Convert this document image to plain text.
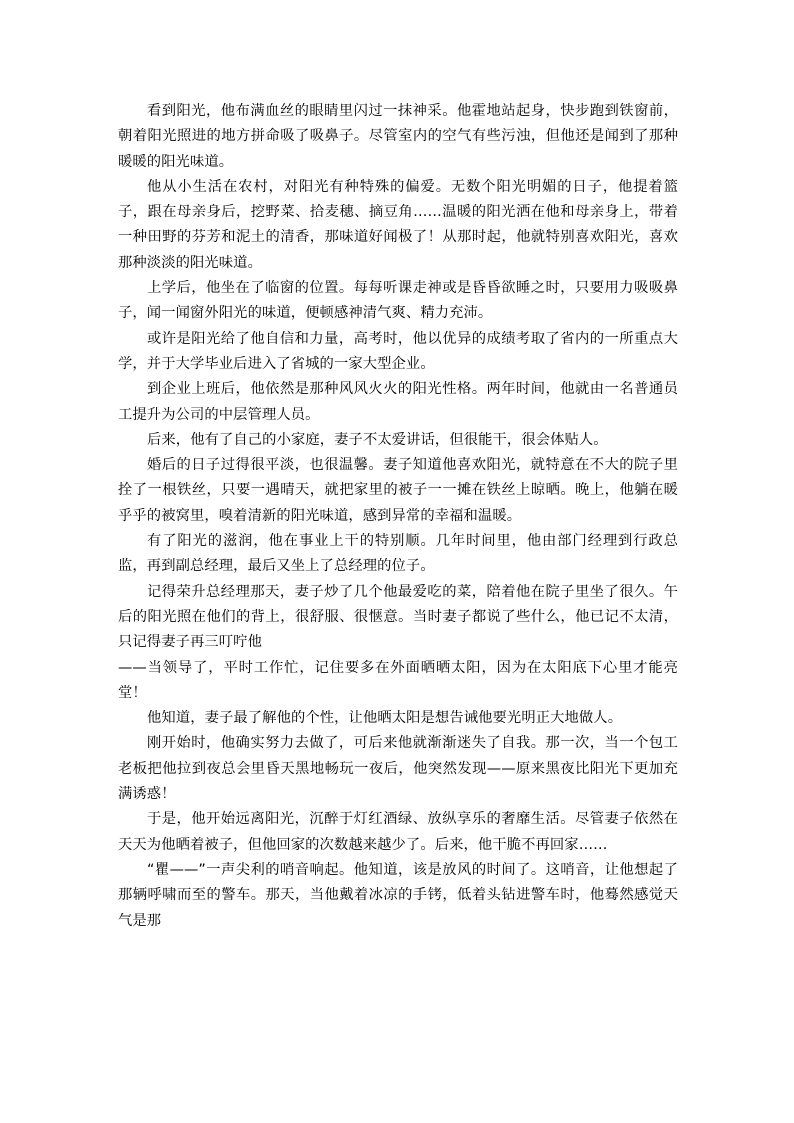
看到阳光，他布满血丝的眼睛里闪过一抹神采。他霍地站起身，快步跑到铁窗前，朝着阳光照进的地方拼命吸了吸鼻子。尽管室内的空气有些污浊，但他还是闻到了那种暖暖的阳光味道。

他从小生活在农村，对阳光有种特殊的偏爱。无数个阳光明媚的日子，他提着篮子，跟在母亲身后，挖野菜、拾麦穗、摘豆角……温暖的阳光洒在他和母亲身上，带着一种田野的芬芳和泥土的清香，那味道好闻极了！从那时起，他就特别喜欢阳光，喜欢那种淡淡的阳光味道。

上学后，他坐在了临窗的位置。每每听课走神或是昏昏欲睡之时，只要用力吸吸鼻子，闻一闻窗外阳光的味道，便顿感神清气爽、精力充沛。

或许是阳光给了他自信和力量，高考时，他以优异的成绩考取了省内的一所重点大学，并于大学毕业后进入了省城的一家大型企业。

到企业上班后，他依然是那种风风火火的阳光性格。两年时间，他就由一名普通员工提升为公司的中层管理人员。

后来，他有了自己的小家庭，妻子不太爱讲话，但很能干，很会体贴人。

婚后的日子过得很平淡，也很温馨。妻子知道他喜欢阳光，就特意在不大的院子里拴了一根铁丝，只要一遇晴天，就把家里的被子一一摊在铁丝上晾晒。晚上，他躺在暖乎乎的被窝里，嗅着清新的阳光味道，感到异常的幸福和温暖。

有了阳光的滋润，他在事业上干的特别顺。几年时间里，他由部门经理到行政总监，再到副总经理，最后又坐上了总经理的位子。

记得荣升总经理那天，妻子炒了几个他最爱吃的菜，陪着他在院子里坐了很久。午后的阳光照在他们的背上，很舒服、很惬意。当时妻子都说了些什么，他已记不太清，只记得妻子再三叮咛他

——当领导了，平时工作忙，记住要多在外面晒晒太阳，因为在太阳底下心里才能亮堂！

他知道，妻子最了解他的个性，让他晒太阳是想告诫他要光明正大地做人。

刚开始时，他确实努力去做了，可后来他就渐渐迷失了自我。那一次，当一个包工老板把他拉到夜总会里昏天黑地畅玩一夜后，他突然发现——原来黑夜比阳光下更加充满诱惑！

于是，他开始远离阳光，沉醉于灯红酒绿、放纵享乐的奢靡生活。尽管妻子依然在天天为他晒着被子，但他回家的次数越来越少了。后来，他干脆不再回家……

“瞿——”一声尖利的哨音响起。他知道，该是放风的时间了。这哨音，让他想起了那辆呼啸而至的警车。那天，当他戴着冰凉的手铐，低着头钻进警车时，他蓦然感觉天气是那
